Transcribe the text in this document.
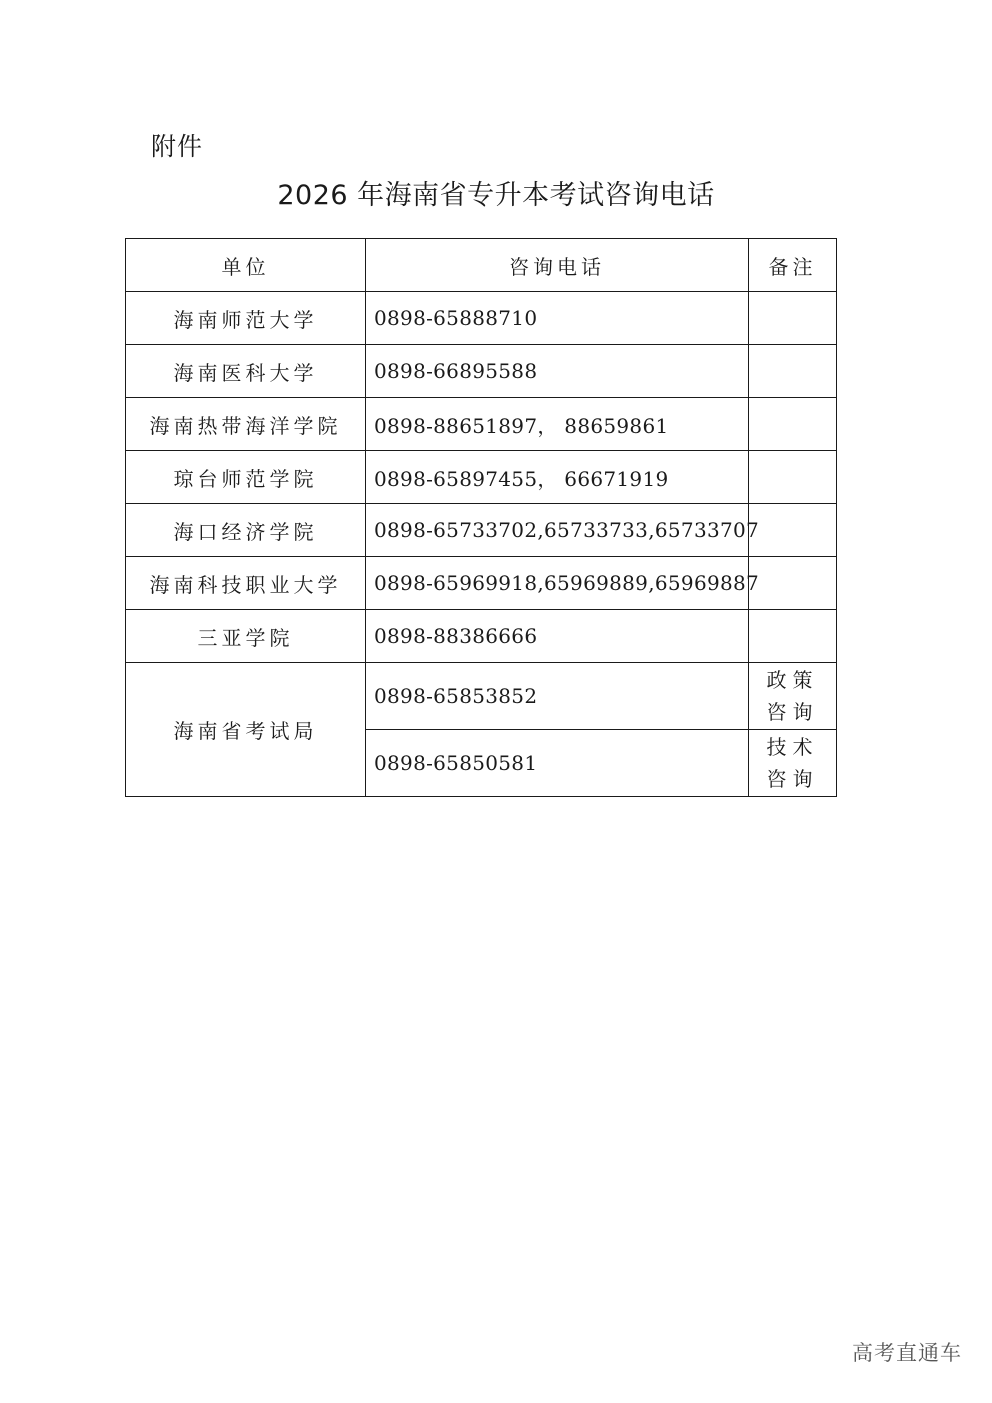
附件
2026 年海南省专升本考试咨询电话
单位	咨询电话	备注
海南师范大学	0898-65888710	
海南医科大学	0898-66895588	
海南热带海洋学院	0898-88651897， 88659861	
琼台师范学院	0898-65897455， 66671919	
海口经济学院	0898-65733702,65733733,65733707	
海南科技职业大学	0898-65969918,65969889,65969887	
三亚学院	0898-88386666	
海南省考试局	0898-65853852	政策咨询
	0898-65850581	技术咨询
高考直通车
